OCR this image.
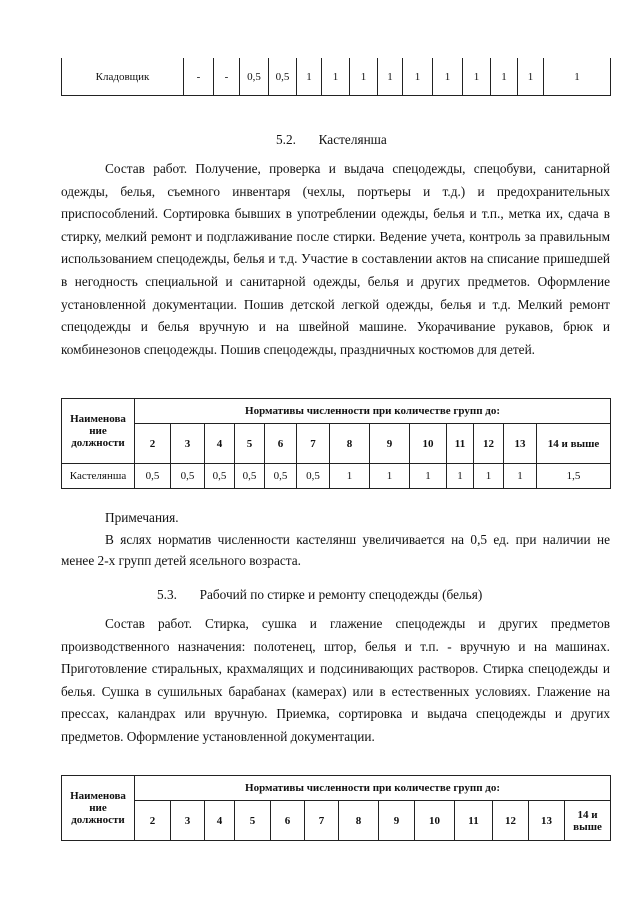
Кладовщик	-	-	0,5	0,5	1	1	1	1	1	1	1	1	1	1
5.2. Кастелянша

Состав работ. Получение, проверка и выдача спецодежды, спецобуви, санитарной одежды, белья, съемного инвентаря (чехлы, портьеры и т.д.) и предохранительных приспособлений. Сортировка бывших в употреблении одежды, белья и т.п., метка их, сдача в стирку, мелкий ремонт и подглаживание после стирки. Ведение учета, контроль за правильным использованием спецодежды, белья и т.д. Участие в составлении актов на списание пришедшей в негодность специальной и санитарной одежды, белья и других предметов. Оформление установленной документации. Пошив детской легкой одежды, белья и т.д. Мелкий ремонт спецодежды и белья вручную и на швейной машине. Укорачивание рукавов, брюк и комбинезонов спецодежды. Пошив спецодежды, праздничных костюмов для детей.

Наименова ние должности	Нормативы численности при количестве групп до:												
	2	3	4	5	6	7	8	9	10	11	12	13	14 и выше
Кастелянша	0,5	0,5	0,5	0,5	0,5	0,5	1	1	1	1	1	1	1,5
Примечания.

В яслях норматив численности кастелянш увеличивается на 0,5 ед. при наличии не менее 2-х групп детей ясельного возраста.

5.3. Рабочий по стирке и ремонту спецодежды (белья)

Состав работ. Стирка, сушка и глажение спецодежды и других предметов производственного назначения: полотенец, штор, белья и т.п. - вручную и на машинах. Приготовление стиральных, крахмалящих и подсинивающих растворов. Стирка спецодежды и белья. Сушка в сушильных барабанах (камерах) или в естественных условиях. Глажение на прессах, каландрах или вручную. Приемка, сортировка и выдача спецодежды и других предметов. Оформление установленной документации.

Наименова ние должности	Нормативы численности при количестве групп до:												
	2	3	4	5	6	7	8	9	10	11	12	13	14 и выше
